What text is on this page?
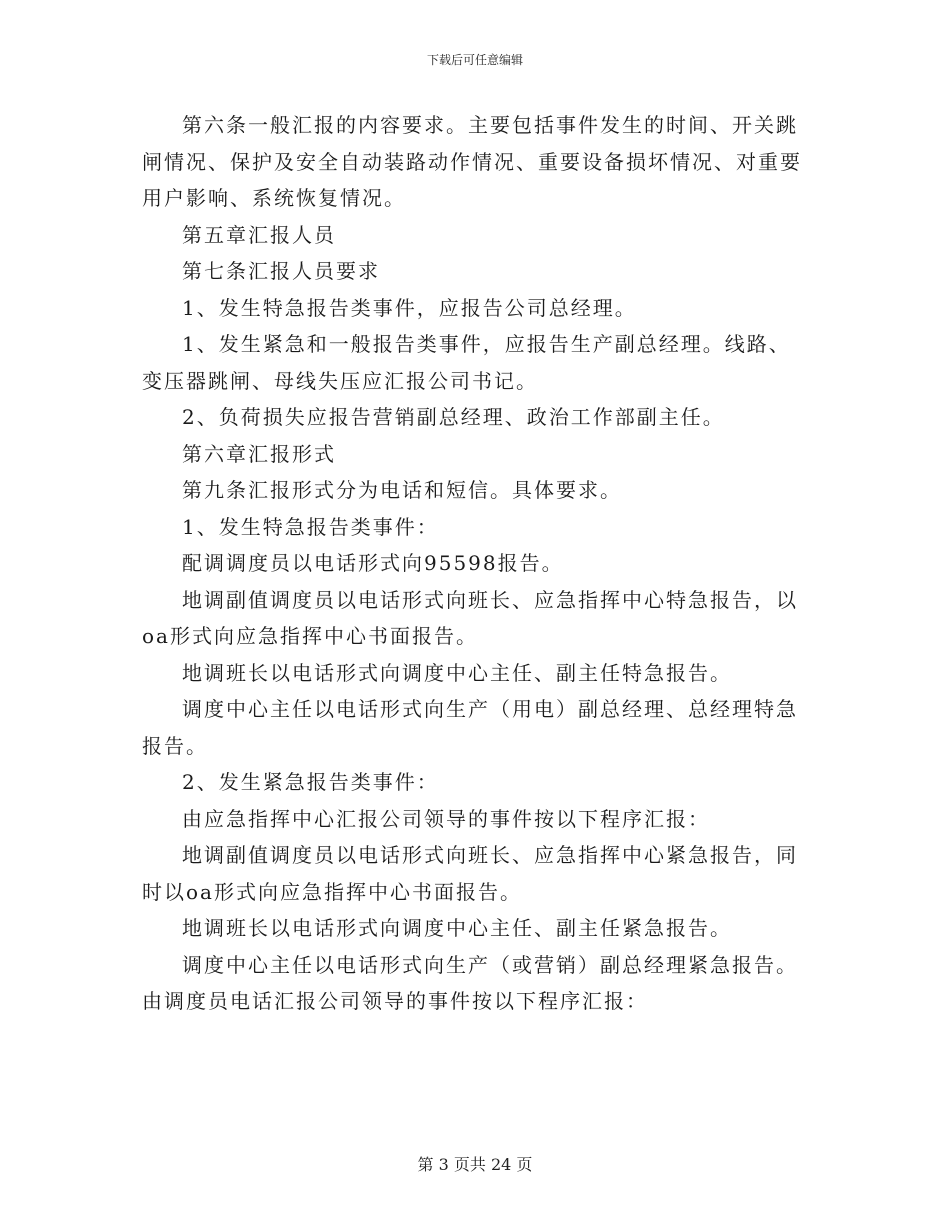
下载后可任意编辑

第六条一般汇报的内容要求。主要包括事件发生的时间、开关跳闸情况、保护及安全自动装路动作情况、重要设备损坏情况、对重要用户影响、系统恢复情况。

第五章汇报人员

第七条汇报人员要求

1、发生特急报告类事件，应报告公司总经理。

1、发生紧急和一般报告类事件，应报告生产副总经理。线路、变压器跳闸、母线失压应汇报公司书记。

2、负荷损失应报告营销副总经理、政治工作部副主任。

第六章汇报形式

第九条汇报形式分为电话和短信。具体要求。

1、发生特急报告类事件：

配调调度员以电话形式向95598报告。

地调副值调度员以电话形式向班长、应急指挥中心特急报告，以oa形式向应急指挥中心书面报告。

地调班长以电话形式向调度中心主任、副主任特急报告。

调度中心主任以电话形式向生产（用电）副总经理、总经理特急报告。

2、发生紧急报告类事件：

由应急指挥中心汇报公司领导的事件按以下程序汇报：

地调副值调度员以电话形式向班长、应急指挥中心紧急报告，同时以oa形式向应急指挥中心书面报告。

地调班长以电话形式向调度中心主任、副主任紧急报告。

调度中心主任以电话形式向生产（或营销）副总经理紧急报告。

由调度员电话汇报公司领导的事件按以下程序汇报：

第 3 页共 24 页
